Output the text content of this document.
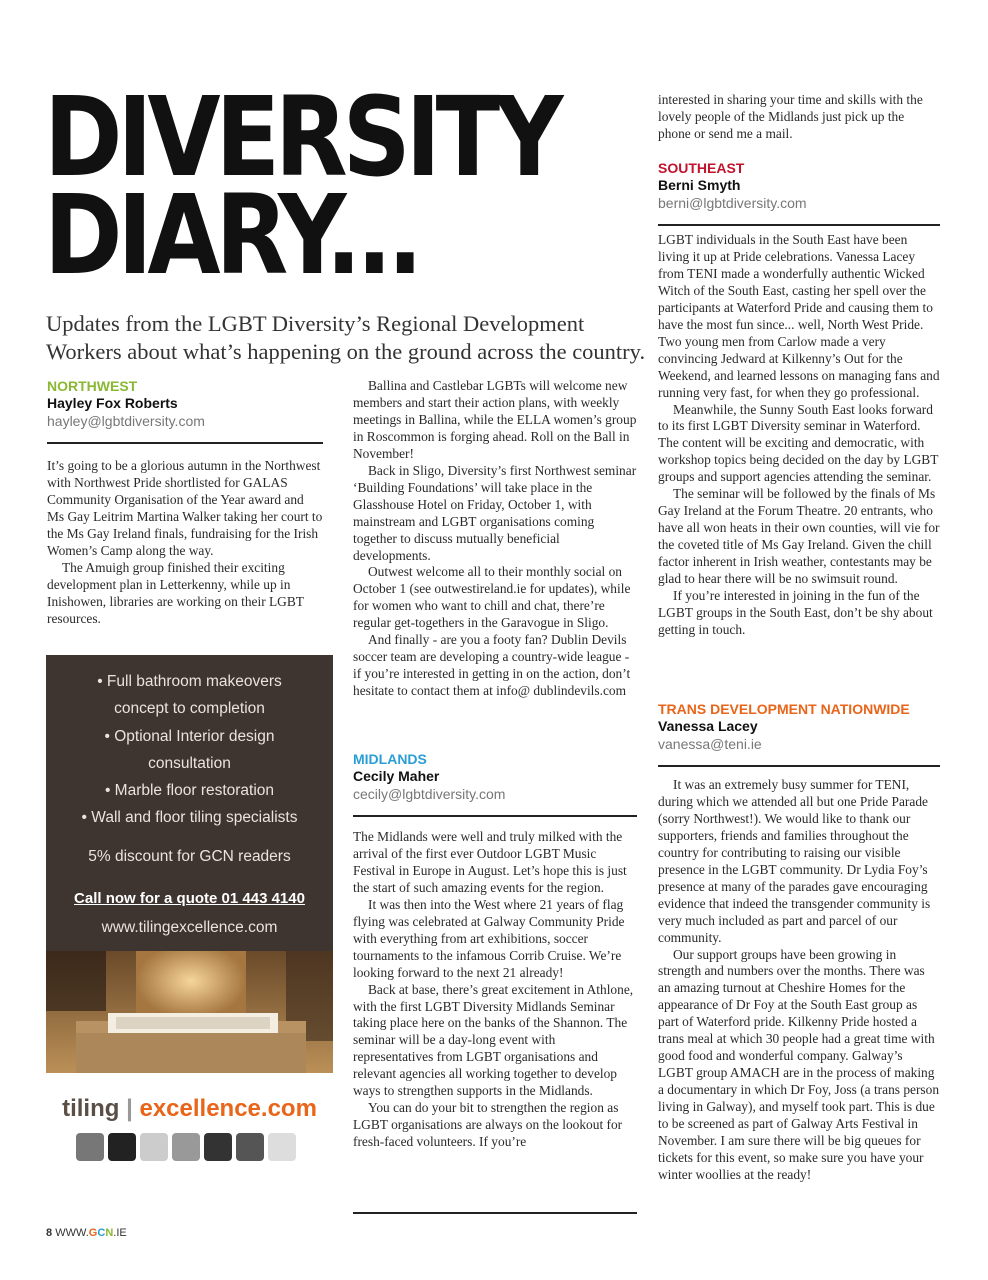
DIVERSITY
DIARY...

Updates from the LGBT Diversity’s Regional Development Workers about what’s happening on the ground across the country.

NORTHWEST

Hayley Fox Roberts

hayley@lgbtdiversity.com

It’s going to be a glorious autumn in the Northwest with Northwest Pride shortlisted for GALAS Community Organisation of the Year award and Ms Gay Leitrim Martina Walker taking her court to the Ms Gay Ireland finals, fundraising for the Irish Women’s Camp along the way.

The Amuigh group finished their exciting development plan in Letterkenny, while up in Inishowen, libraries are working on their LGBT resources.

• Full bathroom makeovers
concept to completion
• Optional Interior design
consultation
• Marble floor restoration
• Wall and floor tiling specialists
5% discount for GCN readers
Call now for a quote 01 443 4140
www.tilingexcellence.com
tiling | excellence.com

Ballina and Castlebar LGBTs will welcome new members and start their action plans, with weekly meetings in Ballina, while the ELLA women’s group in Roscommon is forging ahead. Roll on the Ball in November!

Back in Sligo, Diversity’s first Northwest seminar ‘Building Foundations’ will take place in the Glasshouse Hotel on Friday, October 1, with mainstream and LGBT organisations coming together to discuss mutually beneficial developments.

Outwest welcome all to their monthly social on October 1 (see outwestireland.ie for updates), while for women who want to chill and chat, there’re regular get-togethers in the Garavogue in Sligo.

And finally - are you a footy fan? Dublin Devils soccer team are developing a country-wide league - if you’re interested in getting in on the action, don’t hesitate to contact them at info@ dublindevils.com

MIDLANDS

Cecily Maher

cecily@lgbtdiversity.com

The Midlands were well and truly milked with the arrival of the first ever Outdoor LGBT Music Festival in Europe in August. Let’s hope this is just the start of such amazing events for the region.

It was then into the West where 21 years of flag flying was celebrated at Galway Community Pride with everything from art exhibitions, soccer tournaments to the infamous Corrib Cruise. We’re looking forward to the next 21 already!

Back at base, there’s great excitement in Athlone, with the first LGBT Diversity Midlands Seminar taking place here on the banks of the Shannon. The seminar will be a day-long event with representatives from LGBT organisations and relevant agencies all working together to develop ways to strengthen supports in the Midlands.

You can do your bit to strengthen the region as LGBT organisations are always on the lookout for fresh-faced volunteers. If you’re

interested in sharing your time and skills with the lovely people of the Midlands just pick up the phone or send me a mail.

SOUTHEAST

Berni Smyth

berni@lgbtdiversity.com

LGBT individuals in the South East have been living it up at Pride celebrations. Vanessa Lacey from TENI made a wonderfully authentic Wicked Witch of the South East, casting her spell over the participants at Waterford Pride and causing them to have the most fun since... well, North West Pride. Two young men from Carlow made a very convincing Jedward at Kilkenny’s Out for the Weekend, and learned lessons on managing fans and running very fast, for when they go professional.

Meanwhile, the Sunny South East looks forward to its first LGBT Diversity seminar in Waterford. The content will be exciting and democratic, with workshop topics being decided on the day by LGBT groups and support agencies attending the seminar.

The seminar will be followed by the finals of Ms Gay Ireland at the Forum Theatre. 20 entrants, who have all won heats in their own counties, will vie for the coveted title of Ms Gay Ireland. Given the chill factor inherent in Irish weather, contestants may be glad to hear there will be no swimsuit round.

If you’re interested in joining in the fun of the LGBT groups in the South East, don’t be shy about getting in touch.

TRANS DEVELOPMENT NATIONWIDE

Vanessa Lacey

vanessa@teni.ie

It was an extremely busy summer for TENI, during which we attended all but one Pride Parade (sorry Northwest!). We would like to thank our supporters, friends and families throughout the country for contributing to raising our visible presence in the LGBT community. Dr Lydia Foy’s presence at many of the parades gave encouraging evidence that indeed the transgender community is very much included as part and parcel of our community.

Our support groups have been growing in strength and numbers over the months. There was an amazing turnout at Cheshire Homes for the appearance of Dr Foy at the South East group as part of Waterford pride. Kilkenny Pride hosted a trans meal at which 30 people had a great time with good food and wonderful company. Galway’s LGBT group AMACH are in the process of making a documentary in which Dr Foy, Joss (a trans person living in Galway), and myself took part. This is due to be screened as part of Galway Arts Festival in November. I am sure there will be big queues for tickets for this event, so make sure you have your winter woollies at the ready!

8 WWW.GCN.IE
